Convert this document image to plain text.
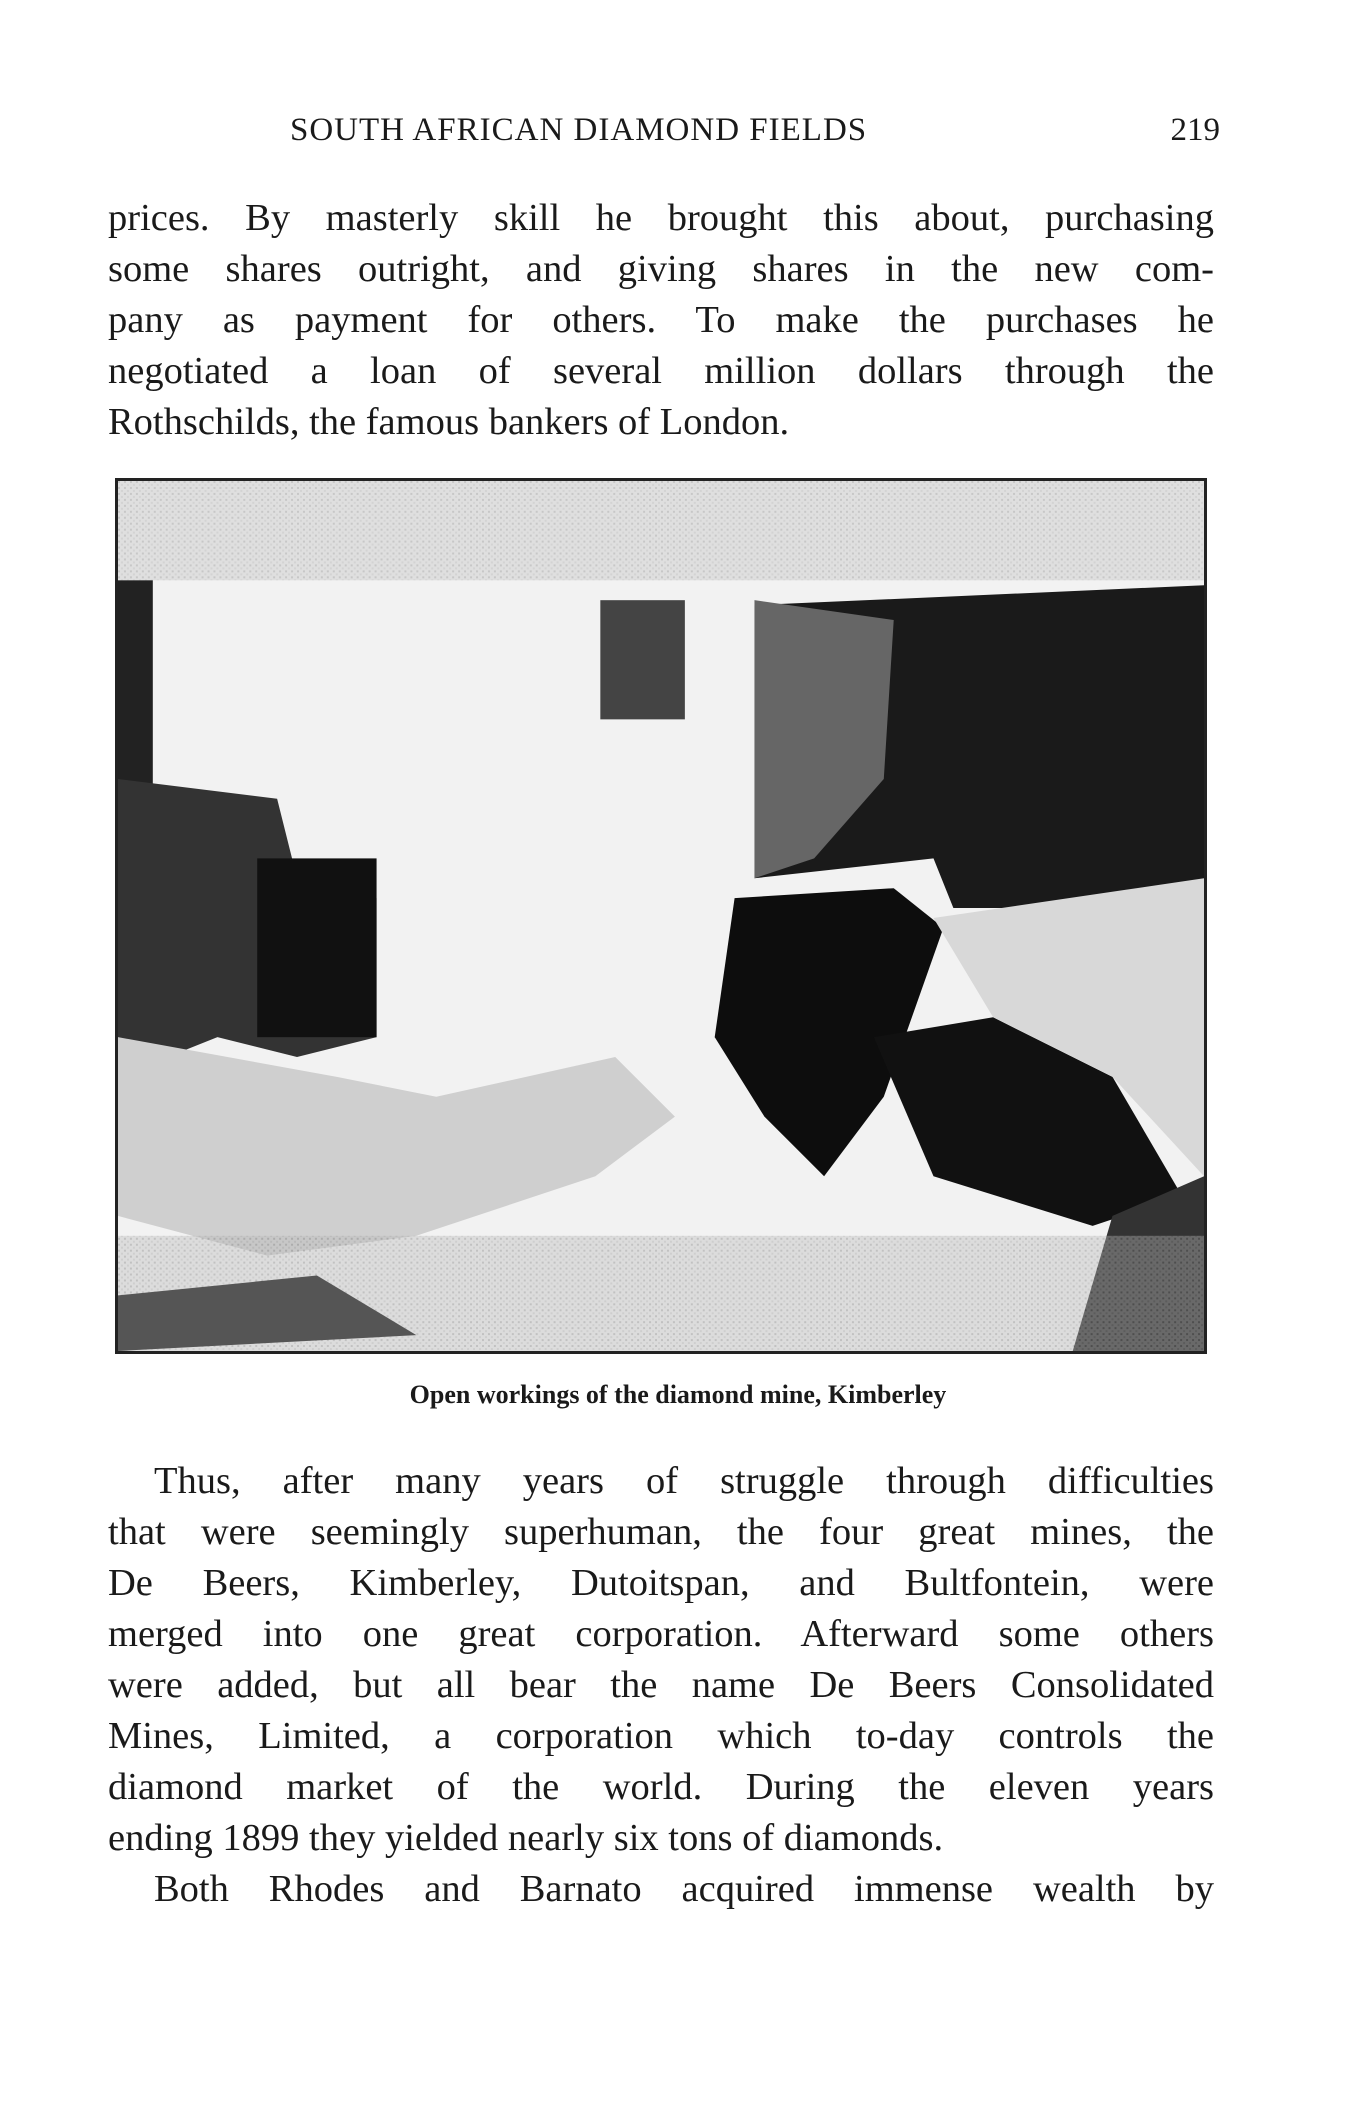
SOUTH AFRICAN DIAMOND FIELDS	219
prices. By masterly skill he brought this about, purchasing
some shares outright, and giving shares in the new com-
pany as payment for others. To make the purchases he
negotiated a loan of several million dollars through the
Rothschilds, the famous bankers of London.
Open workings of the diamond mine, Kimberley
Thus, after many years of struggle through difficulties
that were seemingly superhuman, the four great mines, the
De Beers, Kimberley, Dutoitspan, and Bultfontein, were
merged into one great corporation. Afterward some others
were added, but all bear the name De Beers Consolidated
Mines, Limited, a corporation which to-day controls the
diamond market of the world. During the eleven years
ending 1899 they yielded nearly six tons of diamonds.
Both Rhodes and Barnato acquired immense wealth by
